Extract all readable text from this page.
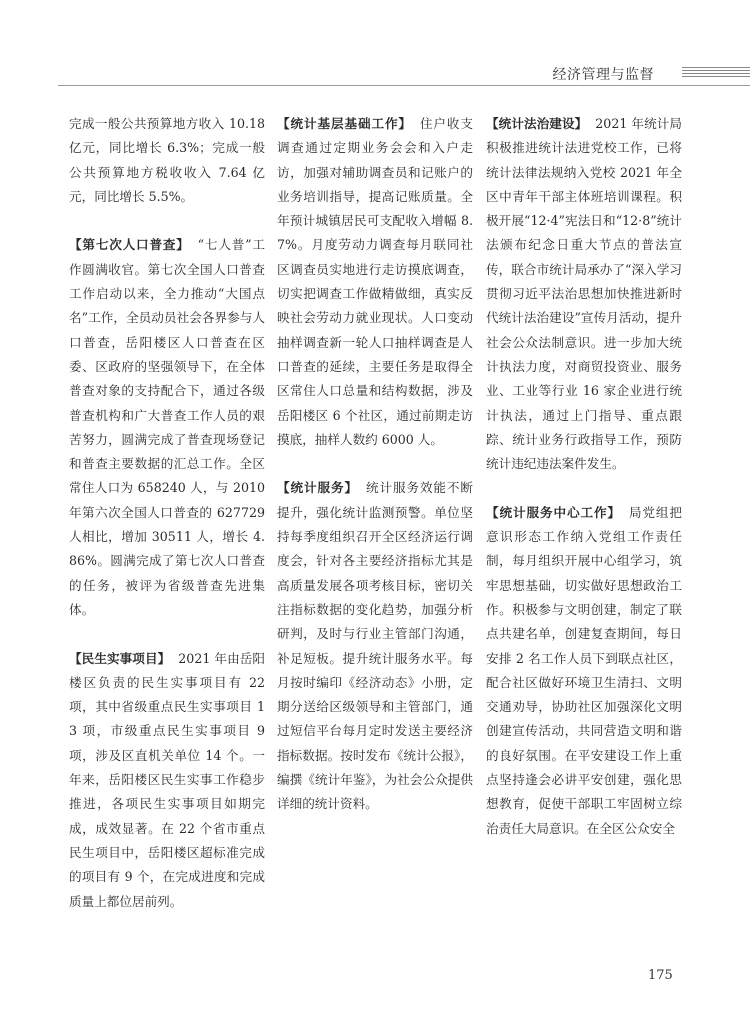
经济管理与监督

完成一般公共预算地方收入 10.18 亿元，同比增长 6.3%；完成一般公共预算地方税收收入 7.64 亿元，同比增长 5.5%。

【第七次人口普查】 “七人普”工作圆满收官。第七次全国人口普查工作启动以来，全力推动“大国点名”工作，全员动员社会各界参与人口普查，岳阳楼区人口普查在区委、区政府的坚强领导下，在全体普查对象的支持配合下，通过各级普查机构和广大普查工作人员的艰苦努力，圆满完成了普查现场登记和普查主要数据的汇总工作。全区常住人口为 658240 人，与 2010 年第六次全国人口普查的 627729 人相比，增加 30511 人，增长 4.86%。圆满完成了第七次人口普查的任务，被评为省级普查先进集体。

【民生实事项目】 2021 年由岳阳楼区负责的民生实事项目有 22 项，其中省级重点民生实事项目 13 项，市级重点民生实事项目 9 项，涉及区直机关单位 14 个。一年来，岳阳楼区民生实事工作稳步推进，各项民生实事项目如期完成，成效显著。在 22 个省市重点民生项目中，岳阳楼区超标准完成的项目有 9 个，在完成进度和完成质量上都位居前列。

【统计基层基础工作】 住户收支调查通过定期业务会会和入户走访，加强对辅助调查员和记账户的业务培训指导，提高记账质量。全年预计城镇居民可支配收入增幅 8.7%。月度劳动力调查每月联同社区调查员实地进行走访摸底调查，切实把调查工作做精做细，真实反映社会劳动力就业现状。人口变动抽样调查新一轮人口抽样调查是人口普查的延续，主要任务是取得全区常住人口总量和结构数据，涉及岳阳楼区 6 个社区，通过前期走访摸底，抽样人数约 6000 人。

【统计服务】 统计服务效能不断提升，强化统计监测预警。单位坚持每季度组织召开全区经济运行调度会，针对各主要经济指标尤其是高质量发展各项考核目标，密切关注指标数据的变化趋势，加强分析研判，及时与行业主管部门沟通，补足短板。提升统计服务水平。每月按时编印《经济动态》小册，定期分送给区级领导和主管部门，通过短信平台每月定时发送主要经济指标数据。按时发布《统计公报》，编撰《统计年鉴》，为社会公众提供详细的统计资料。

【统计法治建设】 2021 年统计局积极推进统计法进党校工作，已将统计法律法规纳入党校 2021 年全区中青年干部主体班培训课程。积极开展“12·4”宪法日和“12·8”统计法颁布纪念日重大节点的普法宣传，联合市统计局承办了“深入学习贯彻习近平法治思想加快推进新时代统计法治建设”宣传月活动，提升社会公众法制意识。进一步加大统计执法力度，对商贸投资业、服务业、工业等行业 16 家企业进行统计执法，通过上门指导、重点跟踪、统计业务行政指导工作，预防统计违纪违法案件发生。

【统计服务中心工作】 局党组把意识形态工作纳入党组工作责任制，每月组织开展中心组学习，筑牢思想基础，切实做好思想政治工作。积极参与文明创建，制定了联点共建名单，创建复查期间，每日安排 2 名工作人员下到联点社区，配合社区做好环境卫生清扫、文明交通劝导，协助社区加强深化文明创建宣传活动，共同营造文明和谐的良好氛围。在平安建设工作上重点坚持逢会必讲平安创建，强化思想教育，促使干部职工牢固树立综治责任大局意识。在全区公众安全

175
